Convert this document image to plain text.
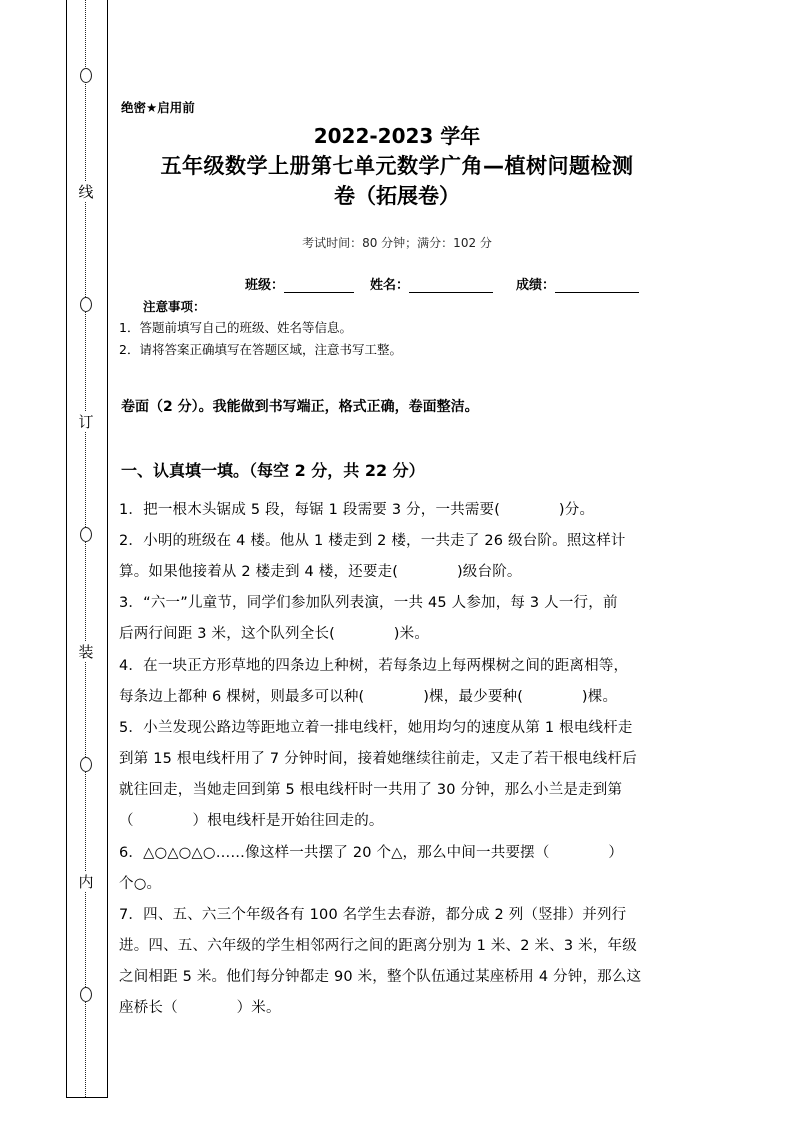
线
订
装
内
绝密★启用前
2022-2023 学年
五年级数学上册第七单元数学广角—植树问题检测
卷（拓展卷）
考试时间：80 分钟；满分：102 分
班级：	姓名：	成绩：
注意事项：
1．答题前填写自己的班级、姓名等信息。
2．请将答案正确填写在答题区域，注意书写工整。
卷面（2 分）。我能做到书写端正，格式正确，卷面整洁。
一、认真填一填。（每空 2 分，共 22 分）
1．把一根木头锯成 5 段，每锯 1 段需要 3 分，一共需要(　　　　)分。
2．小明的班级在 4 楼。他从 1 楼走到 2 楼，一共走了 26 级台阶。照这样计
算。如果他接着从 2 楼走到 4 楼，还要走(　　　　)级台阶。
3．“六一”儿童节，同学们参加队列表演，一共 45 人参加，每 3 人一行，前
后两行间距 3 米，这个队列全长(　　　　)米。
4．在一块正方形草地的四条边上种树，若每条边上每两棵树之间的距离相等，
每条边上都种 6 棵树，则最多可以种(　　　　)棵，最少要种(　　　　)棵。
5．小兰发现公路边等距地立着一排电线杆，她用均匀的速度从第 1 根电线杆走
到第 15 根电线杆用了 7 分钟时间，接着她继续往前走，又走了若干根电线杆后
就往回走，当她走回到第 5 根电线杆时一共用了 30 分钟，那么小兰是走到第
（　　　　）根电线杆是开始往回走的。
6．△○△○△○……像这样一共摆了 20 个△，那么中间一共要摆（　　　　）
个○。
7．四、五、六三个年级各有 100 名学生去春游，都分成 2 列（竖排）并列行
进。四、五、六年级的学生相邻两行之间的距离分别为 1 米、2 米、3 米，年级
之间相距 5 米。他们每分钟都走 90 米，整个队伍通过某座桥用 4 分钟，那么这
座桥长（　　　　）米。
